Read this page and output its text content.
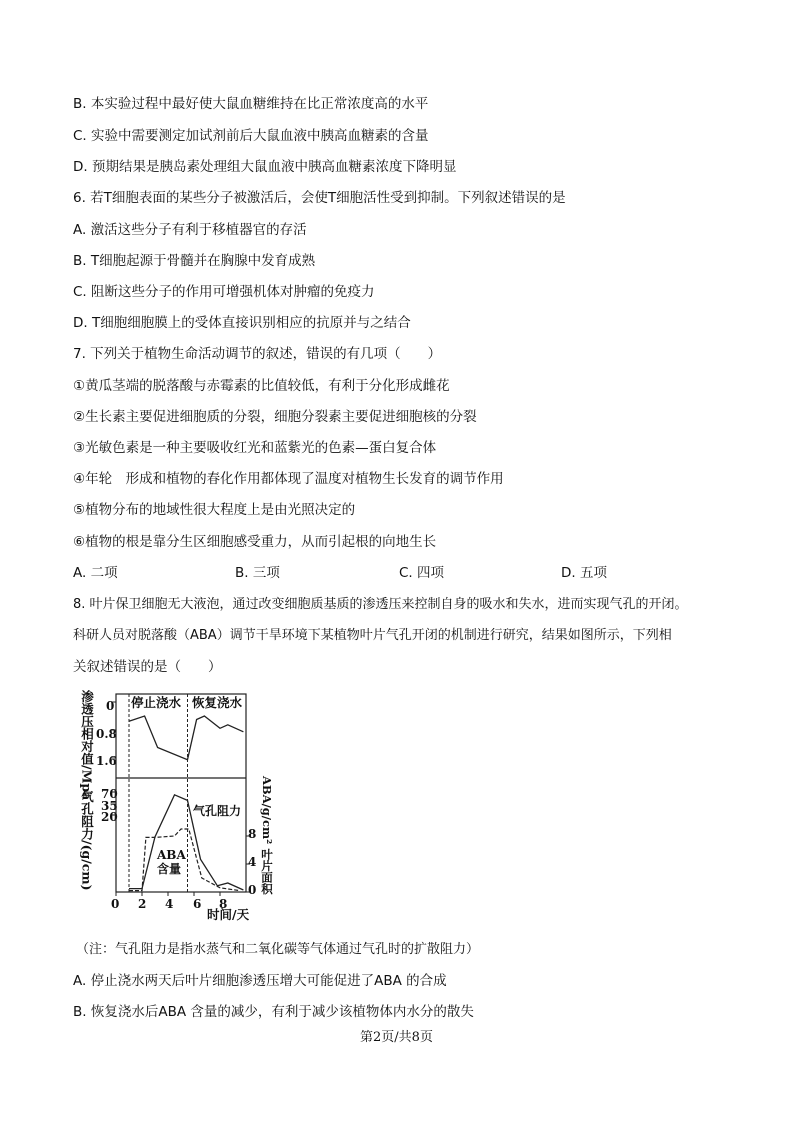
B. 本实验过程中最好使大鼠血糖维持在比正常浓度高的水平
C. 实验中需要测定加试剂前后大鼠血液中胰高血糖素的含量
D. 预期结果是胰岛素处理组大鼠血液中胰高血糖素浓度下降明显
6. 若T细胞表面的某些分子被激活后，会使T细胞活性受到抑制。下列叙述错误的是
A. 激活这些分子有利于移植器官的存活
B. T细胞起源于骨髓并在胸腺中发育成熟
C. 阻断这些分子的作用可增强机体对肿瘤的免疫力
D. T细胞细胞膜上的受体直接识别相应的抗原并与之结合
7. 下列关于植物生命活动调节的叙述，错误的有几项（　　）
①黄瓜茎端的脱落酸与赤霉素的比值较低，有利于分化形成雌花
②生长素主要促进细胞质的分裂，细胞分裂素主要促进细胞核的分裂
③光敏色素是一种主要吸收红光和蓝紫光的色素—蛋白复合体
④年轮　形成和植物的春化作用都体现了温度对植物生长发育的调节作用
⑤植物分布的地域性很大程度上是由光照决定的
⑥植物的根是靠分生区细胞感受重力，从而引起根的向地生长
A. 二项	B. 三项	C. 四项	D. 五项
8. 叶片保卫细胞无大液泡，通过改变细胞质基质的渗透压来控制自身的吸水和失水，进而实现气孔的开闭。
科研人员对脱落酸（ABA）调节干旱环境下某植物叶片气孔开闭的机制进行研究，结果如图所示，下列相
关叙述错误的是（　　）
渗透压相对值/Mpa 0
0.8
1.6
停止浇水 恢复浇水
气孔阻力/(g/cm) 70
35
20	ABA/g/cm² 叶片面积
8
4
0
0 2 4 6 8
时间/天
气孔阻力
ABA
含量
（注：气孔阻力是指水蒸气和二氧化碳等气体通过气孔时的扩散阻力）
A. 停止浇水两天后叶片细胞渗透压增大可能促进了ABA 的合成
B. 恢复浇水后ABA 含量的减少，有利于减少该植物体内水分的散失
第2页/共8页
